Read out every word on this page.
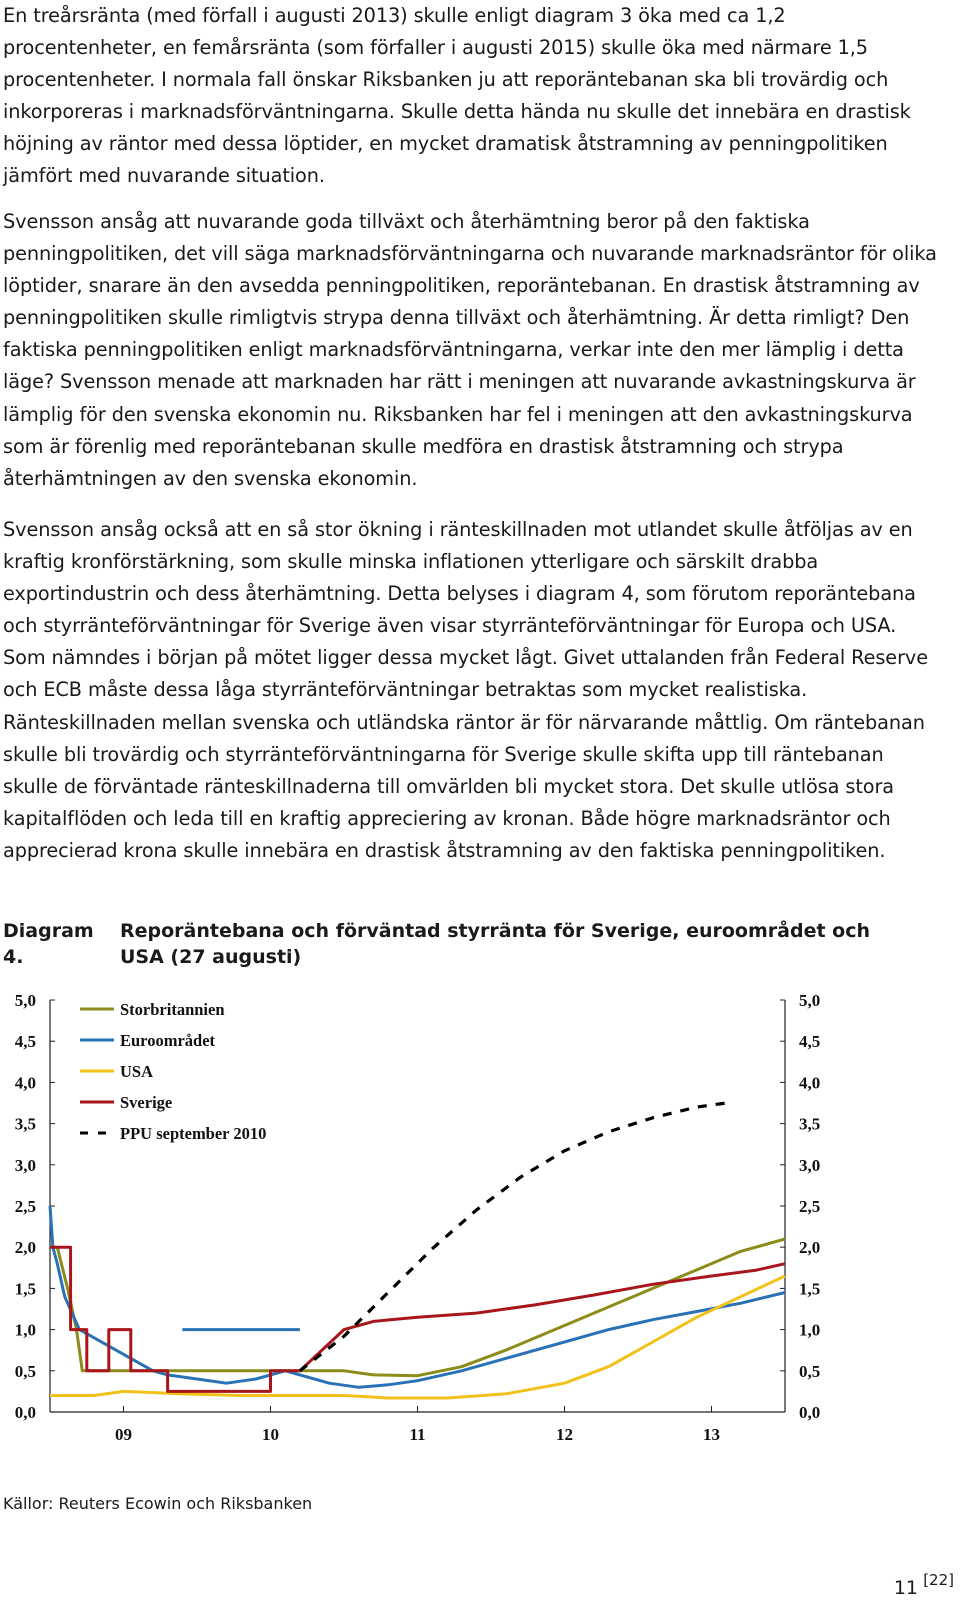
En treårsränta (med förfall i augusti 2013) skulle enligt diagram 3 öka med ca 1,2 procentenheter, en femårsränta (som förfaller i augusti 2015) skulle öka med närmare 1,5 procentenheter. I normala fall önskar Riksbanken ju att reporäntebanan ska bli trovärdig och inkorporeras i marknadsförväntningarna. Skulle detta hända nu skulle det innebära en drastisk höjning av räntor med dessa löptider, en mycket dramatisk åtstramning av penningpolitiken jämfört med nuvarande situation.

Svensson ansåg att nuvarande goda tillväxt och återhämtning beror på den faktiska penningpolitiken, det vill säga marknadsförväntningarna och nuvarande marknadsräntor för olika löptider, snarare än den avsedda penningpolitiken, reporäntebanan. En drastisk åtstramning av penningpolitiken skulle rimligtvis strypa denna tillväxt och återhämtning. Är detta rimligt? Den faktiska penningpolitiken enligt marknadsförväntningarna, verkar inte den mer lämplig i detta läge? Svensson menade att marknaden har rätt i meningen att nuvarande avkastningskurva är lämplig för den svenska ekonomin nu. Riksbanken har fel i meningen att den avkastningskurva som är förenlig med reporäntebanan skulle medföra en drastisk åtstramning och strypa återhämtningen av den svenska ekonomin.

Svensson ansåg också att en så stor ökning i ränteskillnaden mot utlandet skulle åtföljas av en kraftig kronförstärkning, som skulle minska inflationen ytterligare och särskilt drabba exportindustrin och dess återhämtning. Detta belyses i diagram 4, som förutom reporäntebana och styrränteförväntningar för Sverige även visar styrränteförväntningar för Europa och USA. Som nämndes i början på mötet ligger dessa mycket lågt. Givet uttalanden från Federal Reserve och ECB måste dessa låga styrränteförväntningar betraktas som mycket realistiska. Ränteskillnaden mellan svenska och utländska räntor är för närvarande måttlig. Om räntebanan skulle bli trovärdig och styrränteförväntningarna för Sverige skulle skifta upp till räntebanan skulle de förväntade ränteskillnaderna till omvärlden bli mycket stora. Det skulle utlösa stora kapitalflöden och leda till en kraftig appreciering av kronan. Både högre marknadsräntor och apprecierad krona skulle innebära en drastisk åtstramning av den faktiska penningpolitiken.

Diagram 4.Reporäntebana och förväntad styrränta för Sverige, euroområdet och USA (27 augusti)
0,0	0,0
0,5	0,5
1,0	1,0
1,5	1,5
2,0	2,0
2,5	2,5
3,0	3,0
3,5	3,5
4,0	4,0
4,5	4,5
5,0	5,0
09	10	11	12	13
Storbritannien
Euroområdet
USA
Sverige
PPU september 2010
Källor: Reuters Ecowin och Riksbanken
11 [22]
